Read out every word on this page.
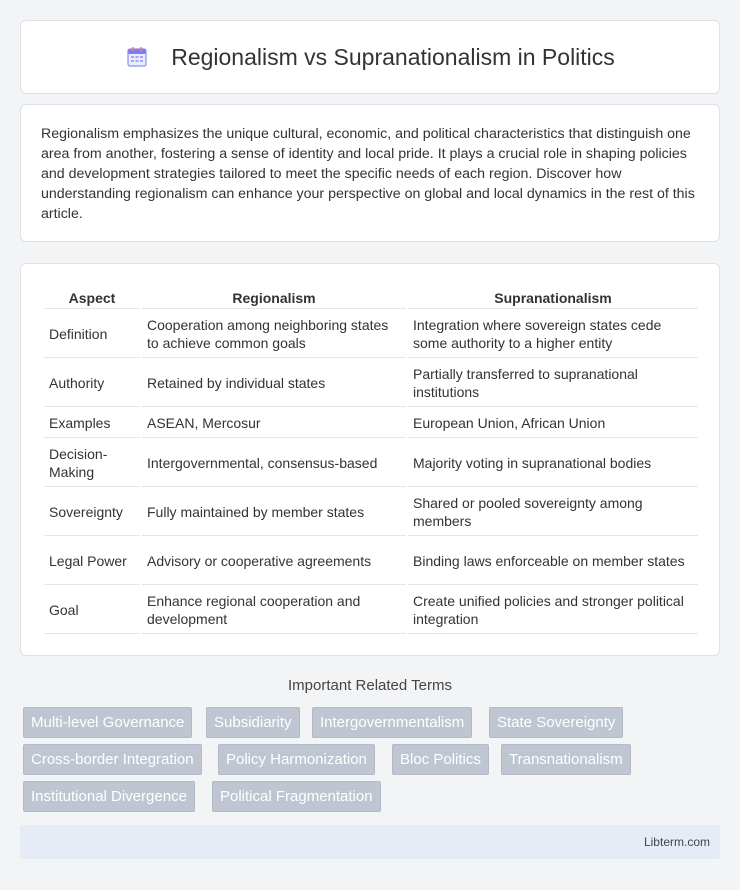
Regionalism vs Supranationalism in Politics

Regionalism emphasizes the unique cultural, economic, and political characteristics that distinguish one area from another, fostering a sense of identity and local pride. It plays a crucial role in shaping policies and development strategies tailored to meet the specific needs of each region. Discover how understanding regionalism can enhance your perspective on global and local dynamics in the rest of this article.

Aspect	Regionalism	Supranationalism
Definition	Cooperation among neighboring states to achieve common goals	Integration where sovereign states cede some authority to a higher entity
Authority	Retained by individual states	Partially transferred to supranational institutions
Examples	ASEAN, Mercosur	European Union, African Union
Decision-Making	Intergovernmental, consensus-based	Majority voting in supranational bodies
Sovereignty	Fully maintained by member states	Shared or pooled sovereignty among members
Legal Power	Advisory or cooperative agreements	Binding laws enforceable on member states
Goal	Enhance regional cooperation and development	Create unified policies and stronger political integration
Important Related Terms
Multi-level Governance	Subsidiarity	Intergovernmentalism	State Sovereignty
Cross-border Integration	Policy Harmonization	Bloc Politics	Transnationalism
Institutional Divergence	Political Fragmentation
Libterm.com
